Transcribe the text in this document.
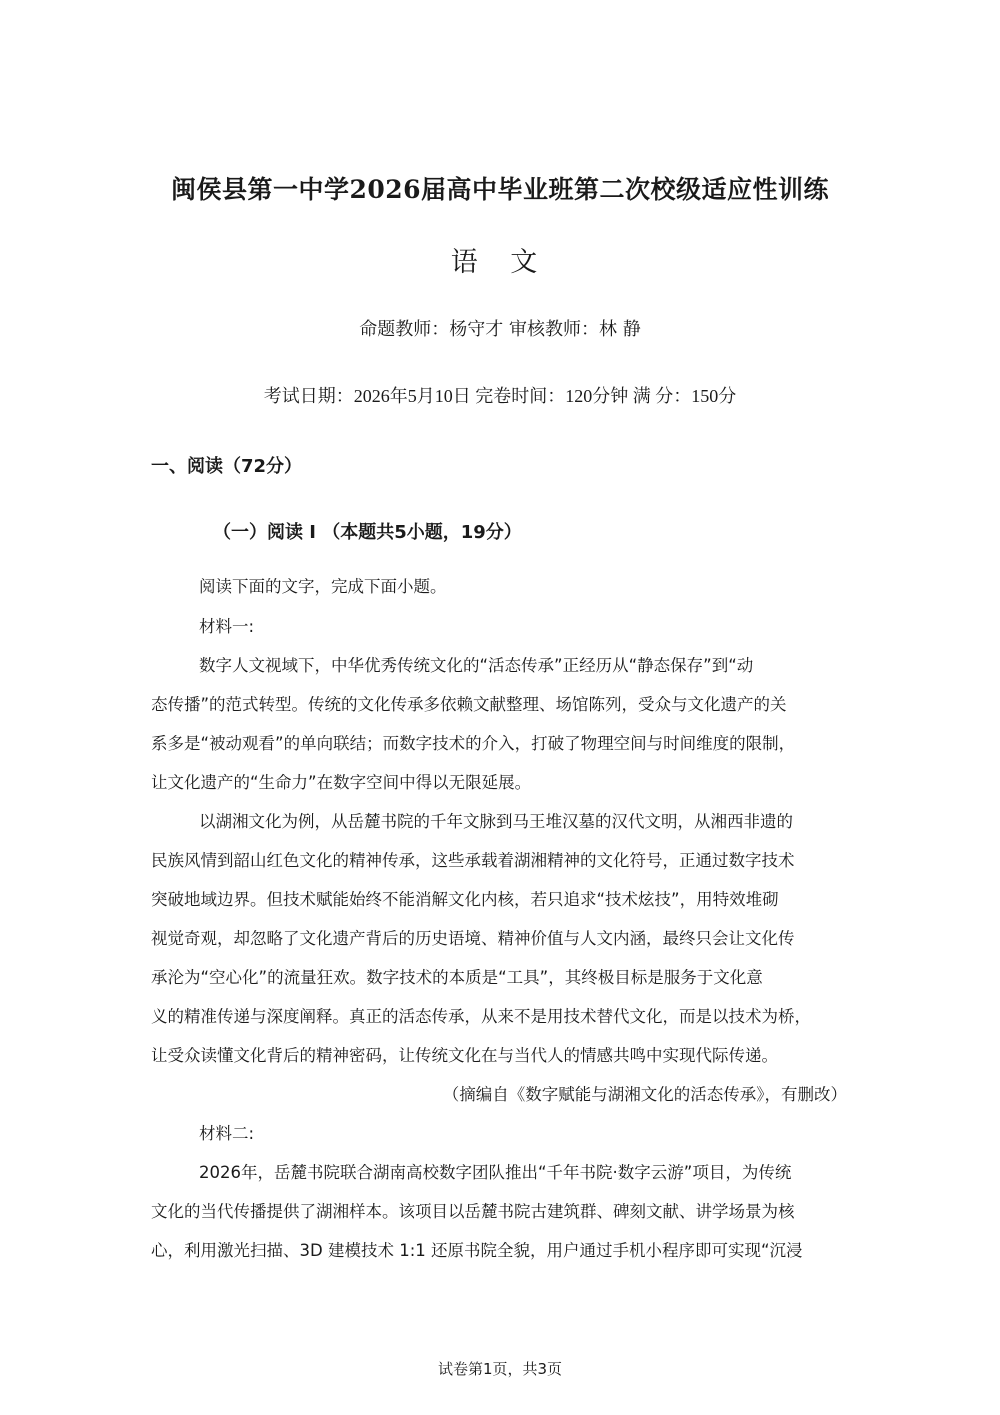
闽侯县第一中学2026届高中毕业班第二次校级适应性训练
语 文
命题教师：杨守才 审核教师：林 静
考试日期：2026年5月10日 完卷时间：120分钟 满 分：150分
一、阅读（72分）
（一）阅读 I （本题共5小题，19分）
阅读下面的文字，完成下面小题。
材料一:
数字人文视域下，中华优秀传统文化的“活态传承”正经历从“静态保存”到“动
态传播”的范式转型。传统的文化传承多依赖文献整理、场馆陈列，受众与文化遗产的关
系多是“被动观看”的单向联结；而数字技术的介入，打破了物理空间与时间维度的限制，
让文化遗产的“生命力”在数字空间中得以无限延展。
以湖湘文化为例，从岳麓书院的千年文脉到马王堆汉墓的汉代文明，从湘西非遗的
民族风情到韶山红色文化的精神传承，这些承载着湖湘精神的文化符号，正通过数字技术
突破地域边界。但技术赋能始终不能消解文化内核，若只追求“技术炫技”，用特效堆砌
视觉奇观，却忽略了文化遗产背后的历史语境、精神价值与人文内涵，最终只会让文化传
承沦为“空心化”的流量狂欢。数字技术的本质是“工具”，其终极目标是服务于文化意
义的精准传递与深度阐释。真正的活态传承，从来不是用技术替代文化，而是以技术为桥，
让受众读懂文化背后的精神密码，让传统文化在与当代人的情感共鸣中实现代际传递。
（摘编自《数字赋能与湖湘文化的活态传承》，有删改）
材料二:
2026年，岳麓书院联合湖南高校数字团队推出“千年书院·数字云游”项目，为传统
文化的当代传播提供了湖湘样本。该项目以岳麓书院古建筑群、碑刻文献、讲学场景为核
心，利用激光扫描、3D 建模技术 1:1 还原书院全貌，用户通过手机小程序即可实现“沉浸
试卷第1页，共3页
